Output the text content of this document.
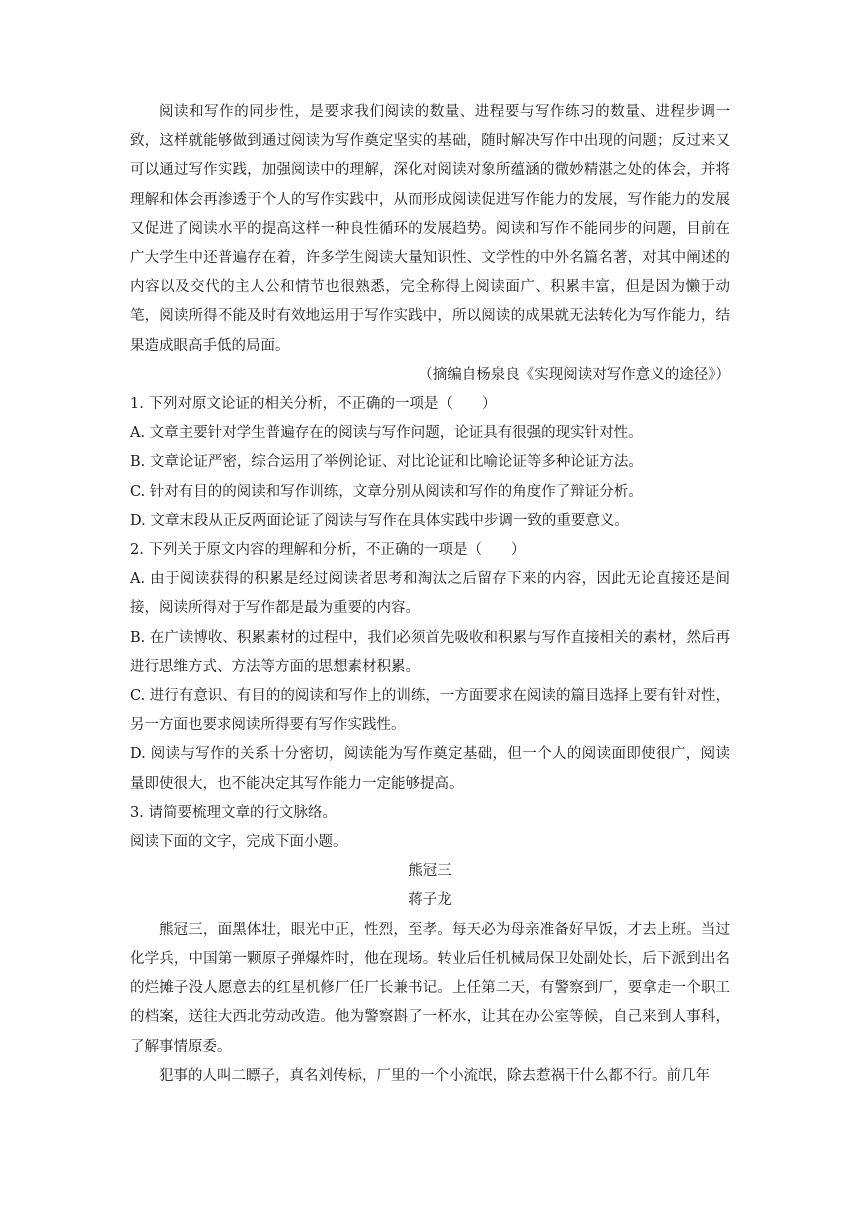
阅读和写作的同步性，是要求我们阅读的数量、进程要与写作练习的数量、进程步调一致，这样就能够做到通过阅读为写作奠定坚实的基础，随时解决写作中出现的问题；反过来又可以通过写作实践，加强阅读中的理解，深化对阅读对象所蕴涵的微妙精湛之处的体会，并将理解和体会再渗透于个人的写作实践中，从而形成阅读促进写作能力的发展，写作能力的发展又促进了阅读水平的提高这样一种良性循环的发展趋势。阅读和写作不能同步的问题，目前在广大学生中还普遍存在着，许多学生阅读大量知识性、文学性的中外名篇名著，对其中阐述的内容以及交代的主人公和情节也很熟悉，完全称得上阅读面广、积累丰富，但是因为懒于动笔，阅读所得不能及时有效地运用于写作实践中，所以阅读的成果就无法转化为写作能力，结果造成眼高手低的局面。

（摘编自杨泉良《实现阅读对写作意义的途径》）

1. 下列对原文论证的相关分析，不正确的一项是（　　）

A. 文章主要针对学生普遍存在的阅读与写作问题，论证具有很强的现实针对性。

B. 文章论证严密，综合运用了举例论证、对比论证和比喻论证等多种论证方法。

C. 针对有目的的阅读和写作训练，文章分别从阅读和写作的角度作了辩证分析。

D. 文章末段从正反两面论证了阅读与写作在具体实践中步调一致的重要意义。

2. 下列关于原文内容的理解和分析，不正确的一项是（　　）

A. 由于阅读获得的积累是经过阅读者思考和淘汰之后留存下来的内容，因此无论直接还是间接，阅读所得对于写作都是最为重要的内容。

B. 在广读博收、积累素材的过程中，我们必须首先吸收和积累与写作直接相关的素材，然后再进行思维方式、方法等方面的思想素材积累。

C. 进行有意识、有目的的阅读和写作上的训练，一方面要求在阅读的篇目选择上要有针对性，另一方面也要求阅读所得要有写作实践性。

D. 阅读与写作的关系十分密切，阅读能为写作奠定基础，但一个人的阅读面即使很广，阅读量即使很大，也不能决定其写作能力一定能够提高。

3. 请简要梳理文章的行文脉络。

阅读下面的文字，完成下面小题。

熊冠三

蒋子龙

熊冠三，面黑体壮，眼光中正，性烈，至孝。每天必为母亲准备好早饭，才去上班。当过化学兵，中国第一颗原子弹爆炸时，他在现场。转业后任机械局保卫处副处长，后下派到出名的烂摊子没人愿意去的红星机修厂任厂长兼书记。上任第二天，有警察到厂，要拿走一个职工的档案，送往大西北劳动改造。他为警察斟了一杯水，让其在办公室等候，自己来到人事科，了解事情原委。

犯事的人叫二瞟子，真名刘传标，厂里的一个小流氓，除去惹祸干什么都不行。前几年
